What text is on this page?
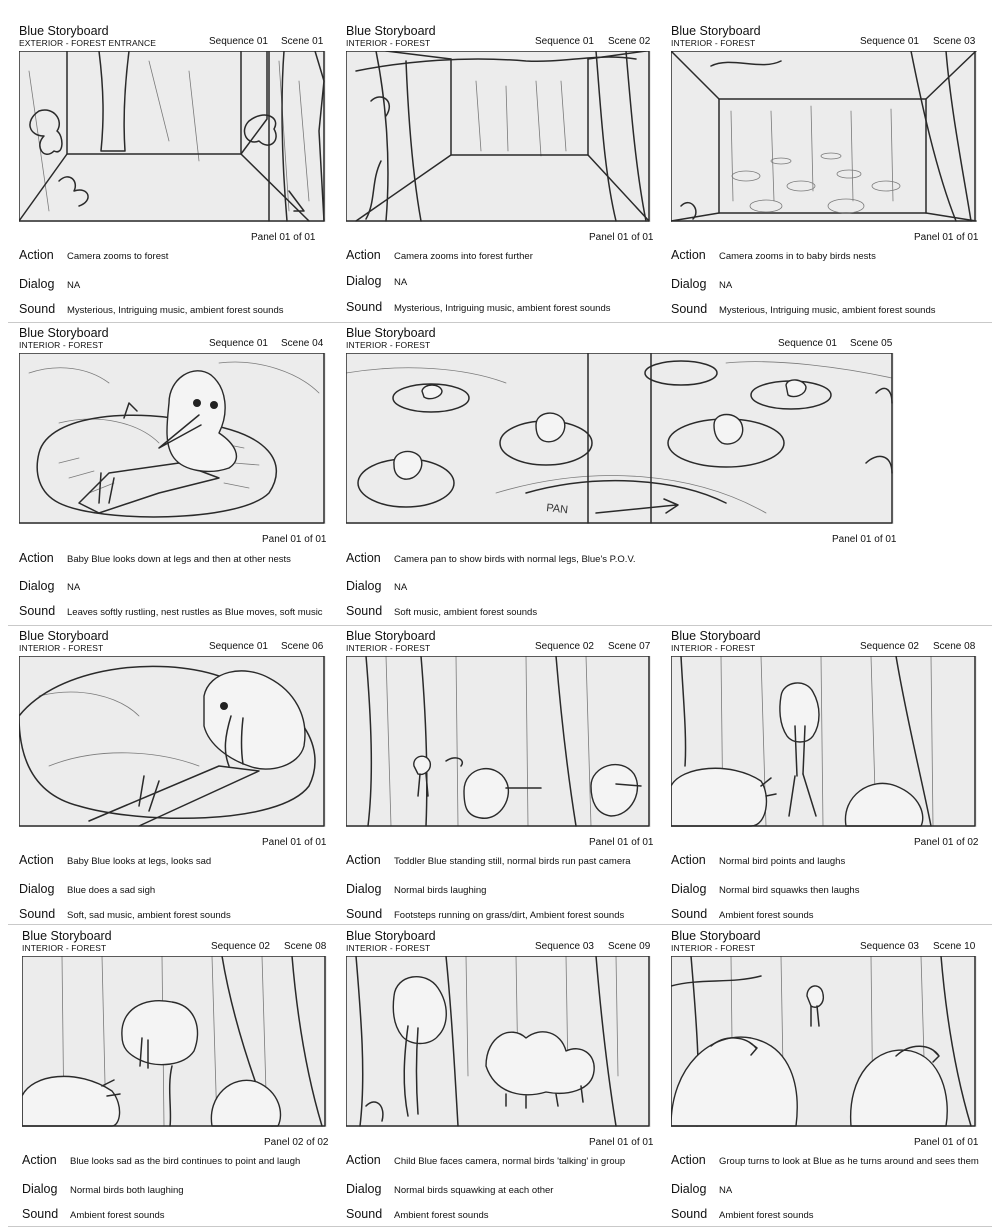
Blue Storyboard
EXTERIOR - FOREST ENTRANCE	Sequence 01 Scene 01
Panel 01 of 01
Action Camera zooms to forest
Dialog NA
Sound Mysterious, Intriguing music, ambient forest sounds
Blue Storyboard
INTERIOR - FOREST	Sequence 01 Scene 02
Panel 01 of 01
Action Camera zooms into forest further
Dialog NA
Sound Mysterious, Intriguing music, ambient forest sounds
Blue Storyboard
INTERIOR - FOREST	Sequence 01 Scene 03
Panel 01 of 01
Action Camera zooms in to baby birds nests
Dialog NA
Sound Mysterious, Intriguing music, ambient forest sounds
Blue Storyboard
INTERIOR - FOREST	Sequence 01 Scene 04
Panel 01 of 01
Action Baby Blue looks down at legs and then at other nests
Dialog NA
Sound Leaves softly rustling, nest rustles as Blue moves, soft music
Blue Storyboard
INTERIOR - FOREST	Sequence 01 Scene 05
PAN
Panel 01 of 01
Action Camera pan to show birds with normal legs, Blue's P.O.V.
Dialog NA
Sound Soft music, ambient forest sounds
Blue Storyboard
INTERIOR - FOREST	Sequence 01 Scene 06
Panel 01 of 01
Action Baby Blue looks at legs, looks sad
Dialog Blue does a sad sigh
Sound Soft, sad music, ambient forest sounds
Blue Storyboard
INTERIOR - FOREST	Sequence 02 Scene 07
Panel 01 of 01
Action Toddler Blue standing still, normal birds run past camera
Dialog Normal birds laughing
Sound Footsteps running on grass/dirt, Ambient forest sounds
Blue Storyboard
INTERIOR - FOREST	Sequence 02 Scene 08
Panel 01 of 02
Action Normal bird points and laughs
Dialog Normal bird squawks then laughs
Sound Ambient forest sounds
Blue Storyboard
INTERIOR - FOREST	Sequence 02 Scene 08
Panel 02 of 02
Action Blue looks sad as the bird continues to point and laugh
Dialog Normal birds both laughing
Sound Ambient forest sounds
Blue Storyboard
INTERIOR - FOREST	Sequence 03 Scene 09
Panel 01 of 01
Action Child Blue faces camera, normal birds 'talking' in group
Dialog Normal birds squawking at each other
Sound Ambient forest sounds
Blue Storyboard
INTERIOR - FOREST	Sequence 03 Scene 10
Panel 01 of 01
Action Group turns to look at Blue as he turns around and sees them
Dialog NA
Sound Ambient forest sounds
